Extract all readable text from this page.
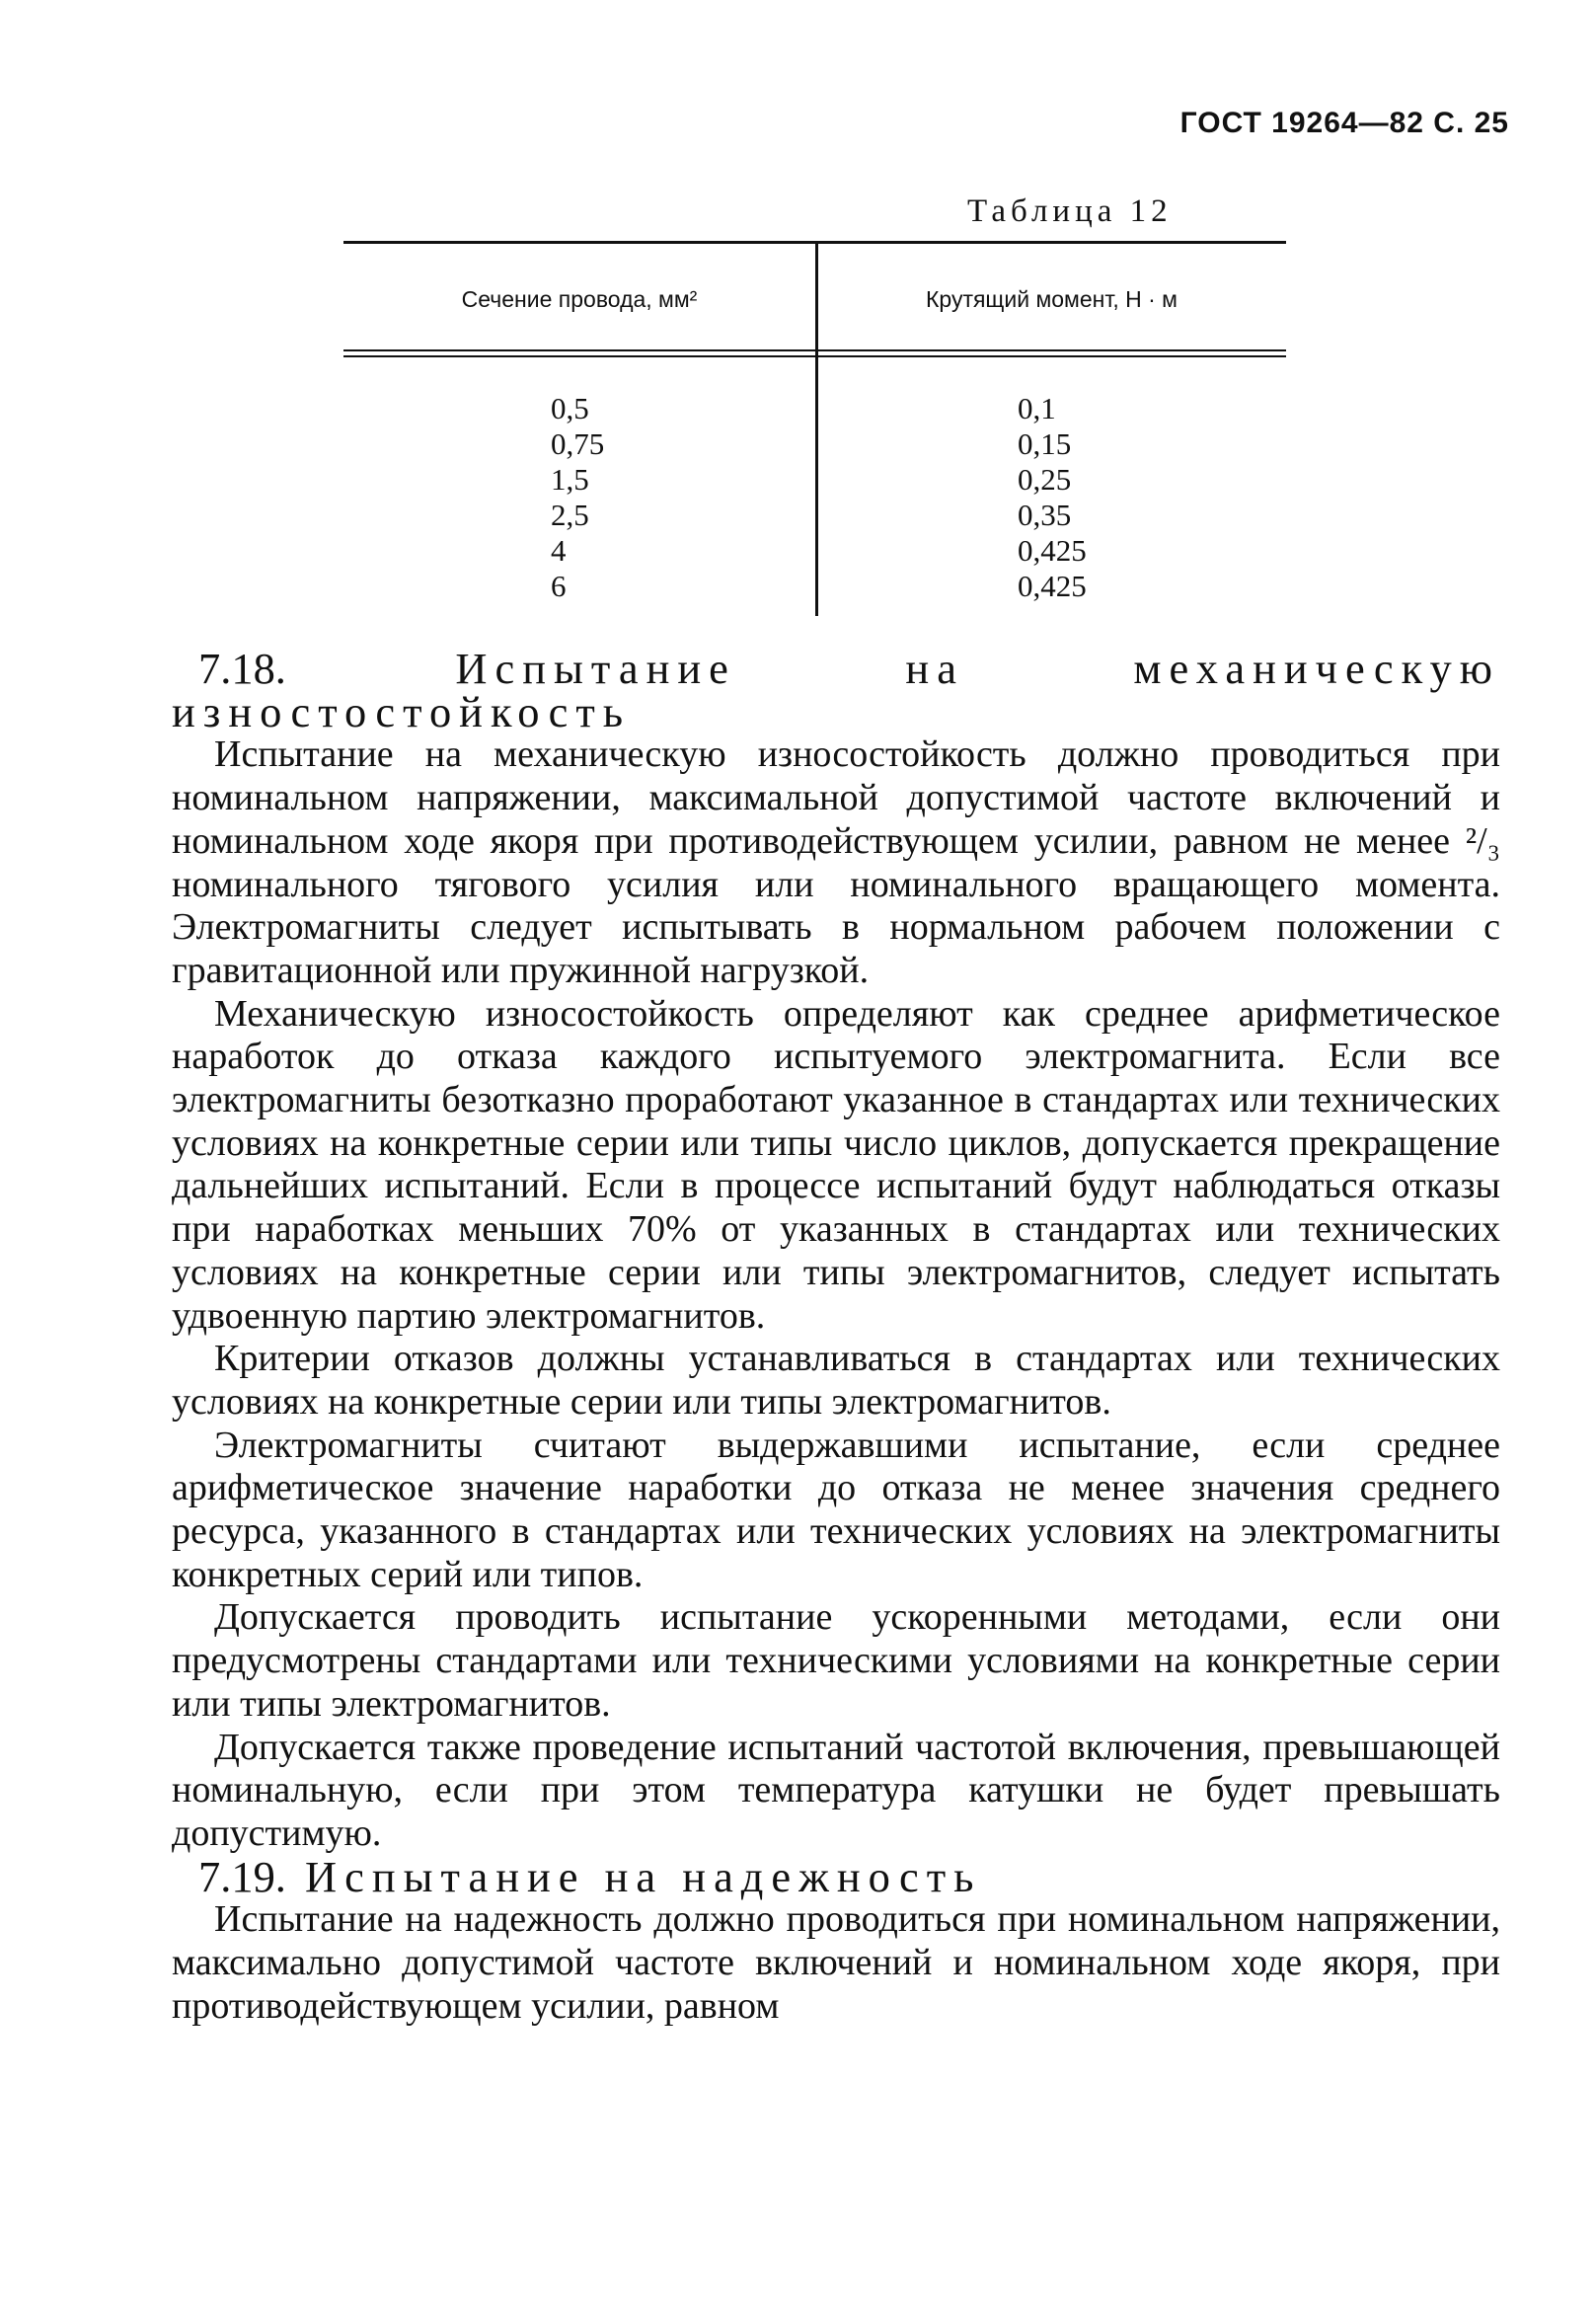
ГОСТ 19264—82 С. 25
Таблица 12
Сечение провода, мм²	Крутящий момент, Н · м
0,5
0,75
1,5
2,5
4
6
0,1
0,15
0,25
0,35
0,425
0,425
7.18.	Испытание на механическую изностостойкость

Испытание на механическую износостойкость должно проводиться при номинальном напряжении, максимальной допустимой частоте включений и номинальном ходе якоря при противодействующем усилии, равном не менее ²/₃ номинального тягового усилия или номинального вращающего момента. Электромагниты следует испытывать в нормальном рабочем положении с гравитационной или пружинной нагрузкой.

Механическую износостойкость определяют как среднее арифметическое наработок до отказа каждого испытуемого электромагнита. Если все электромагниты безотказно проработают указанное в стандартах или технических условиях на конкретные серии или типы число циклов, допускается прекращение дальнейших испытаний. Если в процессе испытаний будут наблюдаться отказы при наработках меньших 70% от указанных в стандартах или технических условиях на конкретные серии или типы электромагнитов, следует испытать удвоенную партию электромагнитов.

Критерии отказов должны устанавливаться в стандартах или технических условиях на конкретные серии или типы электромагнитов.

Электромагниты считают выдержавшими испытание, если среднее арифметическое значение наработки до отказа не менее значения среднего ресурса, указанного в стандартах или технических условиях на электромагниты конкретных серий или типов.

Допускается проводить испытание ускоренными методами, если они предусмотрены стандартами или техническими условиями на конкретные серии или типы электромагнитов.

Допускается также проведение испытаний частотой включения, превышающей номинальную, если при этом температура катушки не будет превышать допустимую.

7.19. Испытание на надежность

Испытание на надежность должно проводиться при номинальном напряжении, максимально допустимой частоте включений и номинальном ходе якоря, при противодействующем усилии, равном
